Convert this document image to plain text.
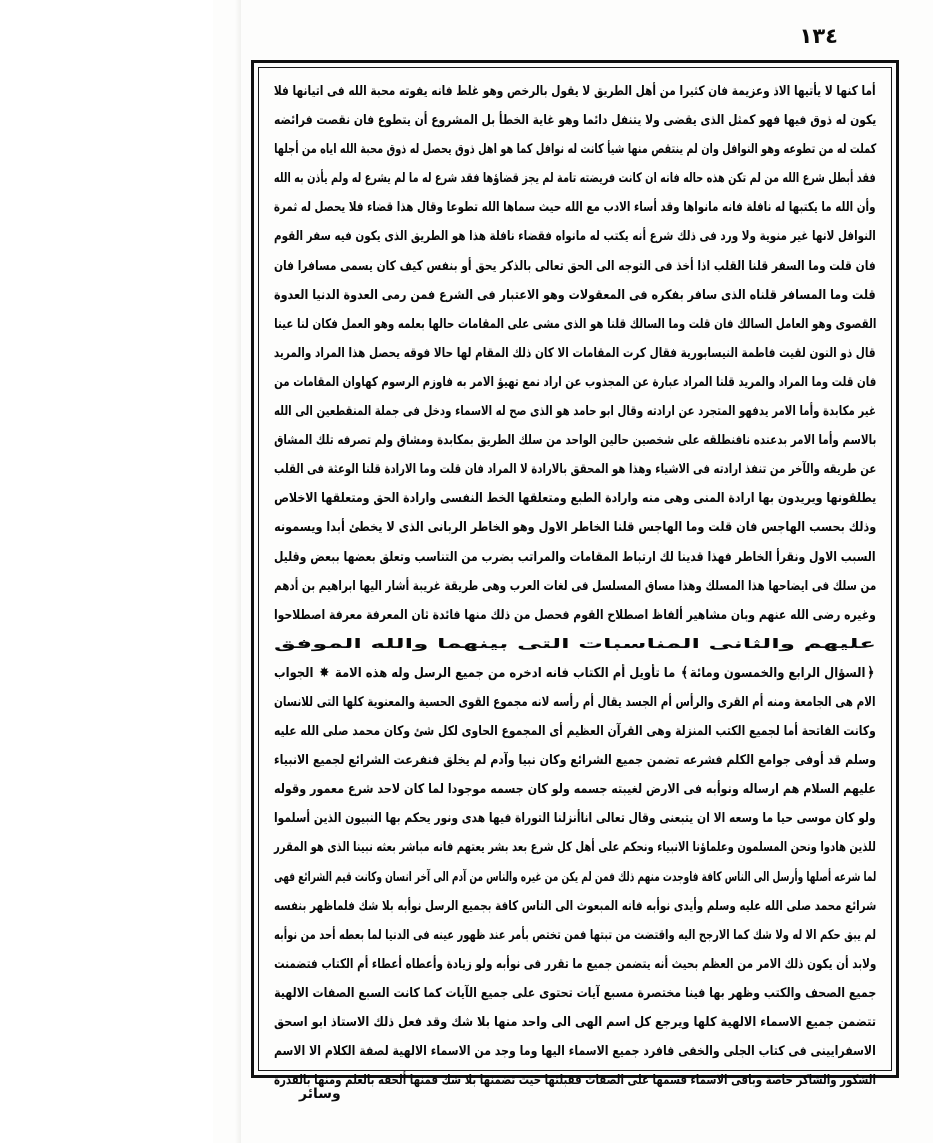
١٣٤
أما كنها لا يأتيها الاذ وعزيمة فان كثيرا من أهل الطريق لا يقول بالرخص وهو غلط فانه يفوته محبة الله فى اتيانها فلا
يكون له ذوق فيها فهو كمثل الذى يقضى ولا يتنفل دائما وهو غاية الخطأ بل المشروع أن يتطوع فان نقصت فرائضه
كملت له من تطوعه وهو النوافل وان لم ينتقص منها شيأ كانت له نوافل كما هو اهل ذوق يحصل له ذوق محبة الله اياه من أجلها
فقد أبطل شرع الله من لم تكن هذه حاله فانه ان كانت فريضته تامة لم يجز قضاؤها فقد شرع له ما لم يشرع له ولم يأذن به الله
وأن الله ما يكتبها له نافلة فانه مانواها وقد أساء الادب مع الله حيث سماها الله تطوعا وقال هذا قضاء فلا يحصل له ثمرة
النوافل لانها غير منوية ولا ورد فى ذلك شرع أنه يكتب له مانواه فقضاء نافلة هذا هو الطريق الذى يكون فيه سفر القوم
فان قلت وما السفر قلنا القلب اذا أخذ فى التوجه الى الحق تعالى بالذكر يحق أو بنفس كيف كان يسمى مسافرا فان
قلت وما المسافر قلناه الذى سافر بفكره فى المعقولات وهو الاعتبار فى الشرع فمن رمى العدوة الدنيا العدوة
القصوى وهو العامل السالك فان قلت وما السالك قلنا هو الذى مشى على المقامات حالها بعلمه وهو العمل فكان لنا عينا
قال ذو النون لقيت فاطمة النيسابورية فقال كرت المقامات الا كان ذلك المقام لها حالا فوقه يحصل هذا المراد والمريد
فان قلت وما المراد والمريد قلنا المراد عبارة عن المجذوب عن اراد نمع تهيؤ الامر به فاوزم الرسوم كهاوان المقامات من
غير مكابدة وأما الامر يدفهو المتجرد عن ارادته وقال ابو حامد هو الذى صح له الاسماء ودخل فى جملة المنقطعين الى الله
بالاسم وأما الامر بدعنده نافنطلقه على شخصين حالين الواحد من سلك الطريق بمكابدة ومشاق ولم تصرفه تلك المشاق
عن طريقه والآخر من تنفذ ارادته فى الاشياء وهذا هو المحقق بالارادة لا المراد فان قلت وما الارادة قلنا الوعثة فى القلب
يطلقونها ويريدون بها ارادة المنى وهى منه وارادة الطبع ومتعلقها الخط النفسى وارادة الحق ومتعلقها الاخلاص
وذلك بحسب الهاجس فان قلت وما الهاجس قلنا الخاطر الاول وهو الخاطر الربانى الذى لا يخطئ أبدا ويسمونه
السبب الاول ونقرأ الخاطر فهذا قدينا لك ارتباط المقامات والمراتب بضرب من التناسب وتعلق بعضها ببعض وقليل
من سلك فى ايضاحها هذا المسلك وهذا مساق المسلسل فى لغات العرب وهى طريقة غريبة أشار اليها ابراهيم بن أدهم
وغيره رضى الله عنهم وبان مشاهير ألفاظ اصطلاح القوم فحصل من ذلك منها فائدة ثان المعرفة معرفة اصطلاحوا
عليهم والثانى المناسبات التى بينهما والله الموفق
﴿السؤال الرابع والخمسون ومائة﴾ ما تأويل أم الكتاب فانه ادخره من جميع الرسل وله هذه الامة ✸ الجواب
الام هى الجامعة ومنه أم القرى والرأس أم الجسد يقال أم رأسه لانه مجموع القوى الحسية والمعنوية كلها التى للانسان
وكانت الفاتحة أما لجميع الكتب المنزلة وهى القرآن العظيم أى المجموع الحاوى لكل شئ وكان محمد صلى الله عليه
وسلم قد أوفى جوامع الكلم فشرعه تضمن جميع الشرائع وكان نبيا وآدم لم يخلق فنفرعت الشرائع لجميع الانبياء
عليهم السلام هم ارساله ونوأبه فى الارض لغيبته جسمه ولو كان جسمه موجودا لما كان لاحد شرع معمور وقوله
ولو كان موسى حيا ما وسعه الا ان يتبعنى وقال تعالى اناأنزلنا التوراة فيها هدى ونور يحكم بها النبيون الذين أسلموا
للذين هادوا ونحن المسلمون وعلماؤنا الانبياء ونحكم على أهل كل شرع بعد بشر يعتهم فانه مباشر بعثه نبينا الذى هو المقرر
لما شرعه أصلها وأرسل الى الناس كافة فاوجدت منهم ذلك فمن لم يكن من غيره والناس من آدم الى آخر انسان وكانت قيم الشرائع فهى
شرائع محمد صلى الله عليه وسلم وأيدى نوأبه فانه المبعوث الى الناس كافة بجميع الرسل نوأبه بلا شك فلماظهر بنفسه
لم يبق حكم الا له ولا شك كما الارجح اليه واقتضت من تبتها فمن تختص بأمر عند ظهور عينه فى الدنيا لما بعطه أحد من نوأبه
ولابد أن يكون ذلك الامر من العظم بحيث أنه يتضمن جميع ما تقرر فى نوأبه ولو زيادة وأعطاه أعطاء أم الكتاب فتضمنت
جميع الصحف والكتب وظهر بها فينا مختصرة مسبع آيات تحتوى على جميع الآيات كما كانت السبع الصفات الالهية
تتضمن جميع الاسماء الالهية كلها ويرجع كل اسم الهى الى واحد منها بلا شك وقد فعل ذلك الاستاذ ابو اسحق
الاسفرايينى فى كتاب الجلى والخفى فافرد جميع الاسماء اليها وما وجد من الاسماء الالهية لصفة الكلام الا الاسم
الشكور والشاكر خاصة وباقى الاسماء قسمها على الصفات فقبلتها حيث تضمنها بلا شك فمنها ألحقه بالعلم ومنها بالقدرة
وسائر
